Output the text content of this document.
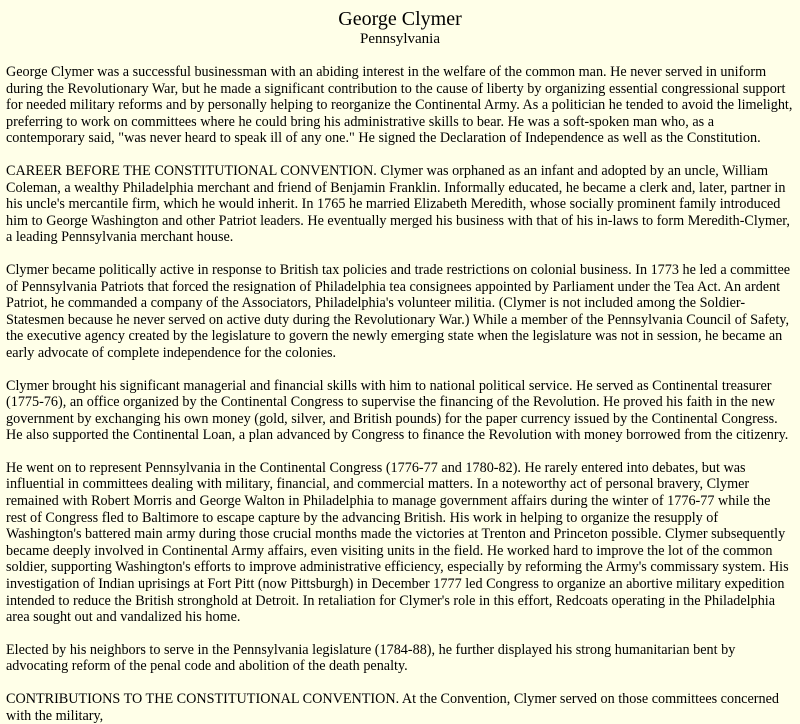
George Clymer
Pennsylvania

George Clymer was a successful businessman with an abiding interest in the welfare of the common man. He never served in uniform during the Revolutionary War, but he made a significant contribution to the cause of liberty by organizing essential congressional support for needed military reforms and by personally helping to reorganize the Continental Army. As a politician he tended to avoid the limelight, preferring to work on committees where he could bring his administrative skills to bear. He was a soft-spoken man who, as a contemporary said, "was never heard to speak ill of any one." He signed the Declaration of Independence as well as the Constitution.

CAREER BEFORE THE CONSTITUTIONAL CONVENTION. Clymer was orphaned as an infant and adopted by an uncle, William Coleman, a wealthy Philadelphia merchant and friend of Benjamin Franklin. Informally educated, he became a clerk and, later, partner in his uncle's mercantile firm, which he would inherit. In 1765 he married Elizabeth Meredith, whose socially prominent family introduced him to George Washington and other Patriot leaders. He eventually merged his business with that of his in-laws to form Meredith-Clymer, a leading Pennsylvania merchant house.

Clymer became politically active in response to British tax policies and trade restrictions on colonial business. In 1773 he led a committee of Pennsylvania Patriots that forced the resignation of Philadelphia tea consignees appointed by Parliament under the Tea Act. An ardent Patriot, he commanded a company of the Associators, Philadelphia's volunteer militia. (Clymer is not included among the Soldier-Statesmen because he never served on active duty during the Revolutionary War.) While a member of the Pennsylvania Council of Safety, the executive agency created by the legislature to govern the newly emerging state when the legislature was not in session, he became an early advocate of complete independence for the colonies.

Clymer brought his significant managerial and financial skills with him to national political service. He served as Continental treasurer (1775-76), an office organized by the Continental Congress to supervise the financing of the Revolution. He proved his faith in the new government by exchanging his own money (gold, silver, and British pounds) for the paper currency issued by the Continental Congress. He also supported the Continental Loan, a plan advanced by Congress to finance the Revolution with money borrowed from the citizenry.

He went on to represent Pennsylvania in the Continental Congress (1776-77 and 1780-82). He rarely entered into debates, but was influential in committees dealing with military, financial, and commercial matters. In a noteworthy act of personal bravery, Clymer remained with Robert Morris and George Walton in Philadelphia to manage government affairs during the winter of 1776-77 while the rest of Congress fled to Baltimore to escape capture by the advancing British. His work in helping to organize the resupply of Washington's battered main army during those crucial months made the victories at Trenton and Princeton possible. Clymer subsequently became deeply involved in Continental Army affairs, even visiting units in the field. He worked hard to improve the lot of the common soldier, supporting Washington's efforts to improve administrative efficiency, especially by reforming the Army's commissary system. His investigation of Indian uprisings at Fort Pitt (now Pittsburgh) in December 1777 led Congress to organize an abortive military expedition intended to reduce the British stronghold at Detroit. In retaliation for Clymer's role in this effort, Redcoats operating in the Philadelphia area sought out and vandalized his home.

Elected by his neighbors to serve in the Pennsylvania legislature (1784-88), he further displayed his strong humanitarian bent by advocating reform of the penal code and abolition of the death penalty.

CONTRIBUTIONS TO THE CONSTITUTIONAL CONVENTION. At the Convention, Clymer served on those committees concerned with the military,
